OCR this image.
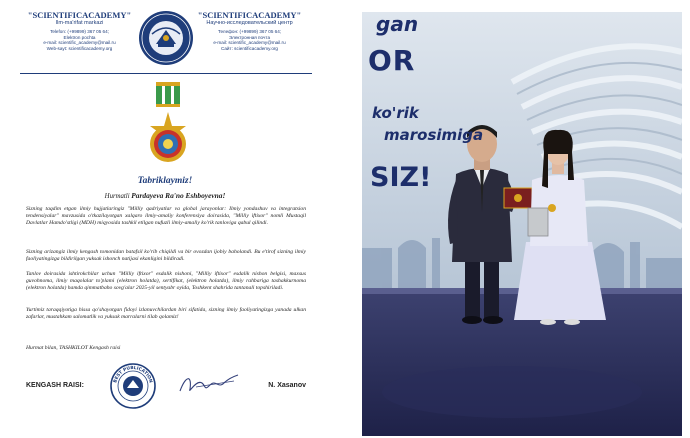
"SCIENTIFICACADEMY"
Ilm-ma'rifat markazi
Telefon: (+99899) 367 05 64;
Elektron pochta
e-mail: scientific_academy@mail.ru
Web-sayt: scientificacademy.org
"SCIENTIFICACADEMY"
Научно-исследовательский центр
Телефон: (+99899) 367 05 64;
Электронная почта
e-mail: scientific_academy@mail.ru
Сайт: scientificacademy.org
Tabriklaymiz!
Hurmatli Pardayeva Ra'no Eshboyevna!
Sizning taqdim etgan ilmiy hujjatlaringiz "Milliy qadriyatlar va global jarayonlar: Ilmiy yondashuv va integratsion tendensiyalar" mavzusida o'tkazilayotgan xalqaro ilmiy-amaliy konferensiya doirasida, "Milliy iftixor" nomli Mustaqil Davlatlar Hamdo'stligi (MDH) miqyosida tashkil etilgan nufuzli ilmiy-amaliy ko'rik tanloviga qabul qilindi.
Sizning arizangiz ilmiy kengash tomonidan batafsil ko'rib chiqildi va bir ovozdan ijobiy baholandi. Bu e'tirof sizning ilmiy faoliyatingizga bildirilgan yuksak ishonch natijasi ekanligini bildiradi.
Tanlov doirasida ishtirokchilar uchun "Milliy iftixor" esdalik nishoni, "Milliy iftixor" esdalik nishon belgisi, maxsus guvohnoma, ilmiy maqolalar to'plami (elektron holatda), sertifikat, (elektron holatda), ilmiy rahbariga tashakkurnoma (elektron holatda) hamda qimmatbaho sovg'alar 2025-yil sentyabr oyida, Toshkent shahrida tantanali topshiriladi.
Yurtimiz taraqqiyotiga hissa qo'shayotgan fidoyi izlanuvchilardan biri sifatida, sizning ilmiy faoliyatingizga yanada ulkan zafarlar, mustahkam salomatlik va yuksak marralarni tilab qolamiz!
Hurmat bilan, TASHKILOT Kengash raisi
KENGASH RAISI:
BEST PUBLICATION
N. Xasanov
gan
OR
ko'rik
marosimiga
SIZ!
